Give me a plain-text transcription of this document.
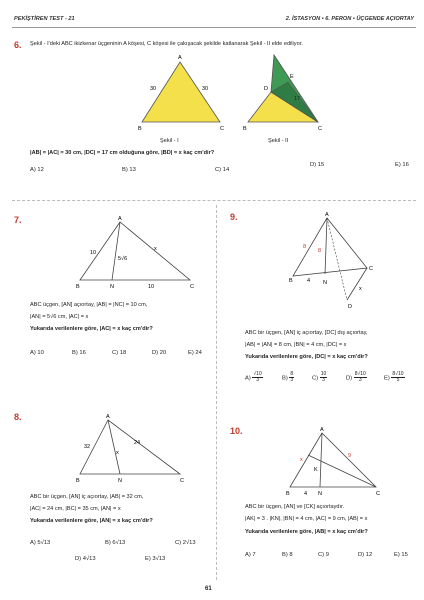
PEKİŞTİREN TEST - 21	2. İSTASYON • 6. PERON • ÜÇGENDE AÇIORTAY
6. Şekil - I'deki ABC ikizkenar üçgeninin A köşesi, C köşesi ile çakışacak şekilde katlanarak Şekil - II elde ediliyor.
A
B	C
30	30
Şekil - I
D
E
B	C
17
Şekil - II
|AB| = |AC| = 30 cm, |DC| = 17 cm olduğuna göre, |BD| = x kaç cm'dir?
A) 12	B) 13	C) 14
D) 15	E) 16
7.	A
B	C
N
10
5√6
x
10
ABC üçgen, [AN] açıortay, |AB| = |NC| = 10 cm,
|AN| = 5√6 cm, |AC| = x
Yukarıda verilenlere göre, |AC| = x kaç cm'dir?
A) 10	B) 16	C) 18	D) 20	E) 24
9.	A
B
C
D
N
8
8
4
x
ABC bir üçgen, [AN] iç açıortay, [DC] dış açıortay,
|AB| = |AN| = 8 cm, |BN| = 4 cm, |DC| = x
Yukarıda verilenlere göre, |DC| = x kaç cm'dir?
$A) \frac{√10}{3}$	$B) \frac{8}{3}$	$C) \frac{10}{3}$	$D) \frac{8√10}{3}$	$E) \frac{8√10}{5}$
8.	A
B	C
N
32
24
x
ABC bir üçgen, [AN] iç açıortay, |AB| = 32 cm,
|AC| = 24 cm, |BC| = 35 cm, |AN| = x
Yukarıda verilenlere göre, |AN| = x kaç cm'dir?
A) 5√13	B) 6√13	C) 2√13
D) 4√13	E) 3√13
10.	A
B	C
N
K
x
9
4
ABC bir üçgen, [AN] ve [CK] açıortaydır.
|AK| = 3 . |KN|, |BN| = 4 cm, |AC| = 9 cm, |AB| = x
Yukarıda verilenlere göre, |AB| = x kaç cm'dir?
A) 7	B) 8	C) 9	D) 12	E) 15
61
